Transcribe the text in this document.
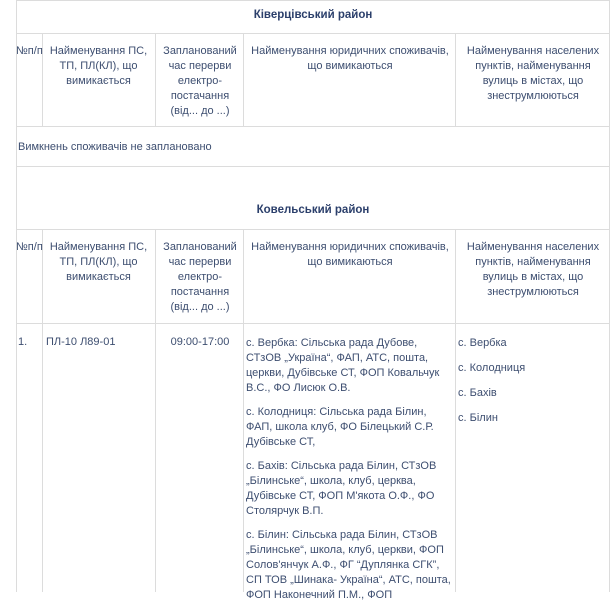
Ківерцівський район
№п/п Найменування ПС, ТП, ПЛ(КЛ), що вимикається
Запланований час перерви електро-постачання (від... до ...)
Найменування юридичних споживачів, що вимикаються
Найменування населених пунктів, найменування вулиць в містах, що знеструмлюються
Вимкнень споживачів не заплановано
Ковельський район
№п/п Найменування ПС, ТП, ПЛ(КЛ), що вимикається
Запланований час перерви електро-постачання (від... до ...)
Найменування юридичних споживачів, що вимикаються
Найменування населених пунктів, найменування вулиць в містах, що знеструмлюються
1. ПЛ-10 Л89-01	09:00-17:00	с. Вербка: Сільська рада Дубове, СТзОВ „Україна“, ФАП, АТС, пошта, церкви, Дубівське СТ, ФОП Ковальчук В.С., ФО Лисюк О.В.

с. Колодниця: Сільська рада Білин, ФАП, школа клуб, ФО Білецький С.Р. Дубівське СТ,

с. Бахів: Сільська рада Білин, СТзОВ „Білинське“, школа, клуб, церква, Дубівське СТ, ФОП М'якота О.Ф., ФО Столярчук В.П.

с. Білин: Сільська рада Білин, СТзОВ „Білинське“, школа, клуб, церкви, ФОП Солов'янчук А.Ф., ФГ “Дуплянка СГК”, СП ТОВ „Шинака- Україна“, АТС, пошта, ФОП Наконечний П.М., ФОП

с. Вербка

с. Колодниця

с. Бахів

с. Білин
